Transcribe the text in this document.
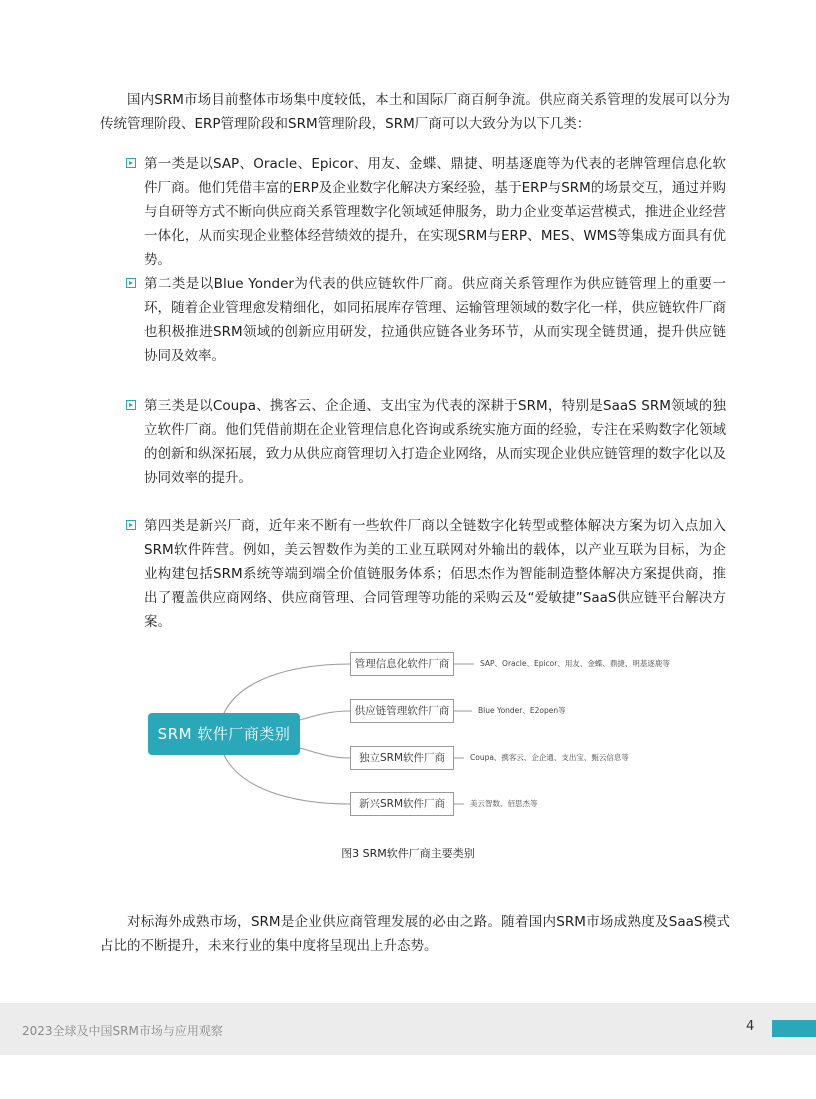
国内SRM市场目前整体市场集中度较低，本土和国际厂商百舸争流。供应商关系管理的发展可以分为传统管理阶段、ERP管理阶段和SRM管理阶段，SRM厂商可以大致分为以下几类：

第一类是以SAP、Oracle、Epicor、用友、金蝶、鼎捷、明基逐鹿等为代表的老牌管理信息化软件厂商。他们凭借丰富的ERP及企业数字化解决方案经验，基于ERP与SRM的场景交互，通过并购与自研等方式不断向供应商关系管理数字化领域延伸服务，助力企业变革运营模式，推进企业经营一体化，从而实现企业整体经营绩效的提升，在实现SRM与ERP、MES、WMS等集成方面具有优势。

第二类是以Blue Yonder为代表的供应链软件厂商。供应商关系管理作为供应链管理上的重要一环，随着企业管理愈发精细化，如同拓展库存管理、运输管理领域的数字化一样，供应链软件厂商也积极推进SRM领域的创新应用研发，拉通供应链各业务环节，从而实现全链贯通，提升供应链协同及效率。

第三类是以Coupa、携客云、企企通、支出宝为代表的深耕于SRM，特别是SaaS SRM领域的独立软件厂商。他们凭借前期在企业管理信息化咨询或系统实施方面的经验，专注在采购数字化领域的创新和纵深拓展，致力从供应商管理切入打造企业网络，从而实现企业供应链管理的数字化以及协同效率的提升。

第四类是新兴厂商，近年来不断有一些软件厂商以全链数字化转型或整体解决方案为切入点加入SRM软件阵营。例如，美云智数作为美的工业互联网对外输出的载体，以产业互联为目标，为企业构建包括SRM系统等端到端全价值链服务体系；佰思杰作为智能制造整体解决方案提供商，推出了覆盖供应商网络、供应商管理、合同管理等功能的采购云及“爱敏捷”SaaS供应链平台解决方案。

SRM 软件厂商类别
管理信息化软件厂商
供应链管理软件厂商
独立SRM软件厂商
新兴SRM软件厂商
SAP、Oracle、Epicor、用友、金蝶、鼎捷、明基逐鹿等
Blue Yonder、E2open等
Coupa、携客云、企企通、支出宝、甄云信息等
美云智数、佰思杰等
图3 SRM软件厂商主要类别

对标海外成熟市场，SRM是企业供应商管理发展的必由之路。随着国内SRM市场成熟度及SaaS模式占比的不断提升，未来行业的集中度将呈现出上升态势。

2023全球及中国SRM市场与应用观察	4
